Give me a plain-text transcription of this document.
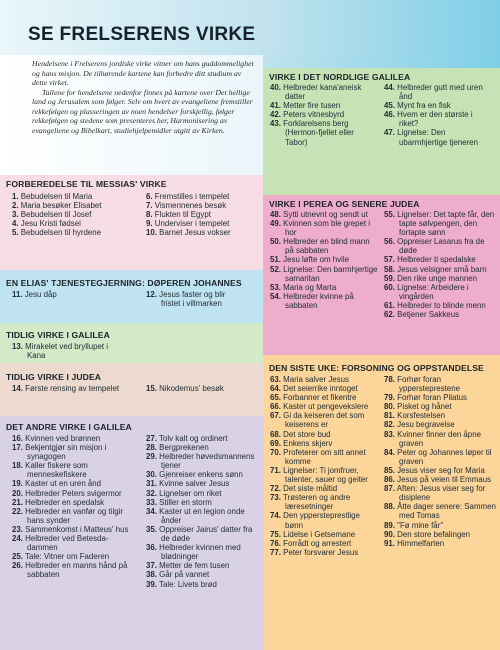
SE FRELSERENS VIRKE

Hendelsene i Frelserens jordiske virke vitner om hans guddommelighet og hans misjon. De tilhørende kartene kan forbedre ditt studium av dette virket.

Tallene for hendelsene nedenfor finnes på kartene over Det hellige land og Jerusalem som følger. Selv om hvert av evangeliene fremstiller rekkefølgen og plasseringen av noen hendelser forskjellig, følger rekkefølgen og stedene som presenteres her, Harmonisering av evangeliene og Bibelkart, studiehjelpemidler utgitt av Kirken.

FORBEREDELSE TIL MESSIAS' VIRKE
1. Bebudelsen til Maria
2. Maria besøker Elisabet
3. Bebudelsen til Josef
4. Jesu Kristi fødsel
5. Bebudelsen til hyrdene
6. Fremstilles i tempelet
7. Vismennenes besøk
8. Flukten til Egypt
9. Underviser i tempelet
10. Barnet Jesus vokser
EN ELIAS' TJENESTEGJERNING: DØPEREN JOHANNES
11. Jesu dåp	12. Jesus faster og blir fristet i villmarken
TIDLIG VIRKE I GALILEA
13. Mirakelet ved bryllupet i Kana
TIDLIG VIRKE I JUDEA
14. Første rensing av tempelet	15. Nikodemus' besøk
DET ANDRE VIRKE I GALILEA
16. Kvinnen ved brønnen
17. Bekjentgjør sin misjon i synagogen
18. Kaller fiskere som menneskefiskere
19. Kaster ut en uren ånd
20. Helbreder Peters svigermor
21. Helbreder en spedalsk
22. Helbreder en vanfør og tilgir hans synder
23. Sammenkomst i Matteus' hus
24. Helbreder ved Betesda-dammen
25. Tale: Vitner om Faderen
26. Helbreder en manns hånd på sabbaten
27. Tolv kalt og ordinert
28. Bergprekenen
29. Helbreder høvedsmannens tjener
30. Gjenreiser enkens sønn
31. Kvinne salver Jesus
32. Lignelser om riket
33. Stiller en storm
34. Kaster ut en legion onde ånder
35. Oppreiser Jairus' datter fra de døde
36. Helbreder kvinnen med blødninger
37. Metter de fem tusen
38. Går på vannet
39. Tale: Livets brød
VIRKE I DET NORDLIGE GALILEA
40. Helbreder kana'aneisk datter
41. Metter fire tusen
42. Peters vitnesbyrd
43. Forklarelsens berg (Hermon-fjellet eller Tabor)
44. Helbreder gutt med uren ånd
45. Mynt fra en fisk
46. Hvem er den største i riket?
47. Lignelse: Den ubarmhjertige tjeneren
VIRKE I PEREA OG SENERE JUDEA
48. Sytti utnevnt og sendt ut
49. Kvinnen som ble grepet i hor
50. Helbreder en blind mann på sabbaten
51. Jesu løfte om hvile
52. Lignelse: Den barmhjertige samaritan
53. Maria og Marta
54. Helbreder kvinne på sabbaten
55. Lignelser: Det tapte får, den tapte sølvpengen, den fortapte sønn
56. Oppreiser Lasarus fra de døde
57. Helbreder ti spedalske
58. Jesus velsigner små barn
59. Den rike unge mannen
60. Lignelse: Arbeidere i vingården
61. Helbreder to blinde menn
62. Betjener Sakkeus
DEN SISTE UKE: FORSONING OG OPPSTANDELSE
63. Maria salver Jesus
64. Det seierrike inntoget
65. Forbanner et fikentre
66. Kaster ut pengevekslere
67. Gi da keiseren det som keiserens er
68. Det store bud
69. Enkens skjerv
70. Profeterer om sitt annet komme
71. Lignelser: Ti jomfruer, talenter, sauer og geiter
72. Det siste måltid
73. Trøsteren og andre læresetninger
74. Den yppersteprestlige bønn
75. Lidelse i Getsemane
76. Forrådt og arrestert
77. Peter forsvarer Jesus
78. Forhør foran yppersteprestene
79. Forhør foran Pilatus
80. Pisket og hånet
81. Korsfestelsen
82. Jesu begravelse
83. Kvinner finner den åpne graven
84. Peter og Johannes løper til graven
85. Jesus viser seg for Maria
86. Jesus på veien til Emmaus
87. Aften: Jesus viser seg for disiplene
88. Åtte dager senere: Sammen med Tomas
89. "Fø mine får"
90. Den store befalingen
91. Himmelfarten
